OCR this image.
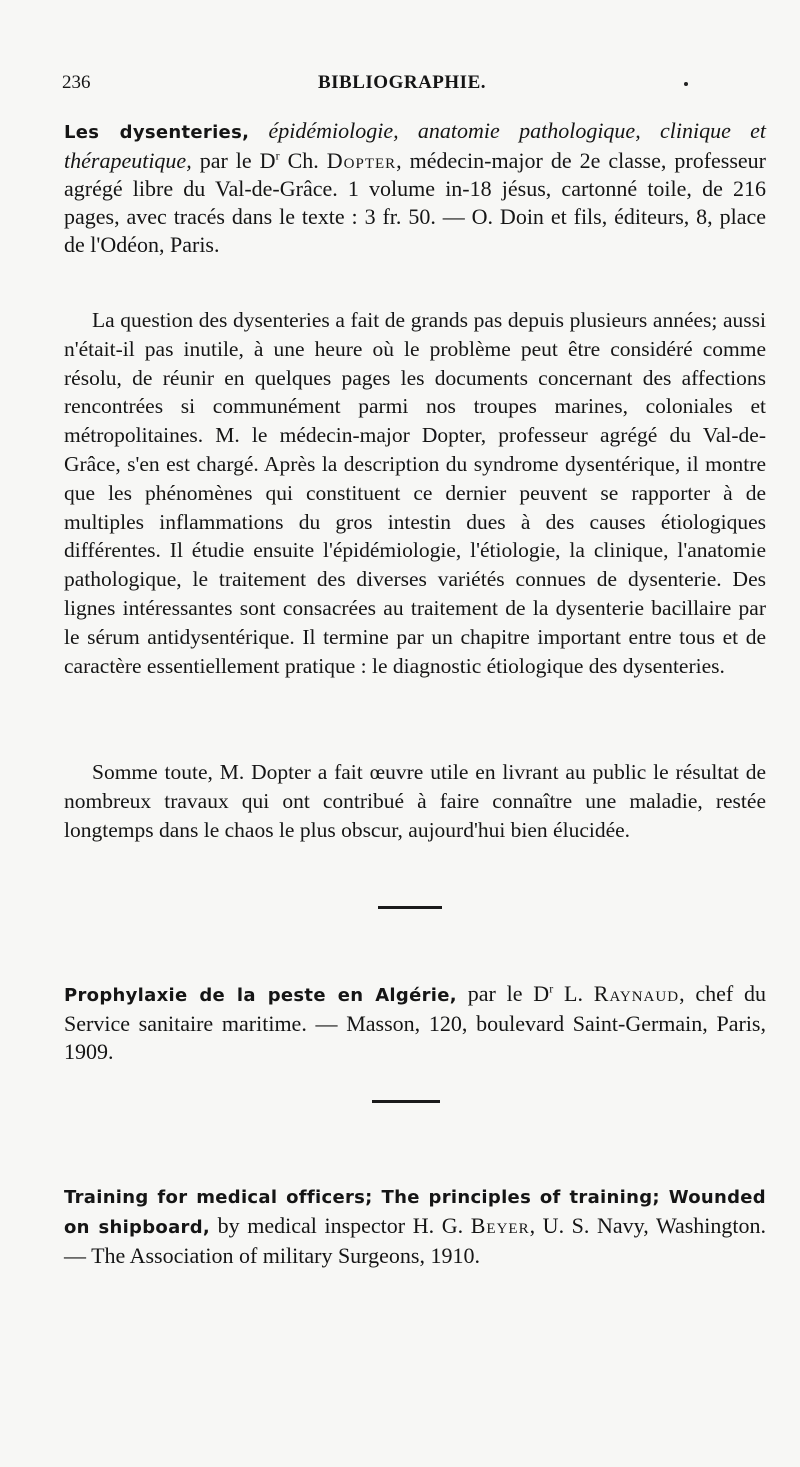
236	BIBLIOGRAPHIE.

Les dysenteries, épidémiologie, anatomie pathologique, clinique et thérapeutique, par le $D^r$ Ch. Dopter, médecin-major de 2e classe, professeur agrégé libre du Val-de-Grâce. 1 volume in-18 jésus, cartonné toile, de 216 pages, avec tracés dans le texte : 3 fr. 50. — O. Doin et fils, éditeurs, 8, place de l'Odéon, Paris.

La question des dysenteries a fait de grands pas depuis plusieurs années; aussi n'était-il pas inutile, à une heure où le problème peut être considéré comme résolu, de réunir en quelques pages les documents concernant des affections rencontrées si communément parmi nos troupes marines, coloniales et métropolitaines. M. le médecin-major Dopter, professeur agrégé du Val-de-Grâce, s'en est chargé. Après la description du syndrome dysentérique, il montre que les phénomènes qui constituent ce dernier peuvent se rapporter à de multiples inflammations du gros intestin dues à des causes étiologiques différentes. Il étudie ensuite l'épidémiologie, l'étiologie, la clinique, l'anatomie pathologique, le traitement des diverses variétés connues de dysenterie. Des lignes intéressantes sont consacrées au traitement de la dysenterie bacillaire par le sérum antidysentérique. Il termine par un chapitre important entre tous et de caractère essentiellement pratique : le diagnostic étiologique des dysenteries.

Somme toute, M. Dopter a fait œuvre utile en livrant au public le résultat de nombreux travaux qui ont contribué à faire connaître une maladie, restée longtemps dans le chaos le plus obscur, aujourd'hui bien élucidée.

Prophylaxie de la peste en Algérie, par le $D^r$ L. Raynaud, chef du Service sanitaire maritime. — Masson, 120, boulevard Saint-Germain, Paris, 1909.

Training for medical officers; The principles of training; Wounded on shipboard, by medical inspector H. G. Beyer, U. S. Navy, Washington. — The Association of military Surgeons, 1910.
